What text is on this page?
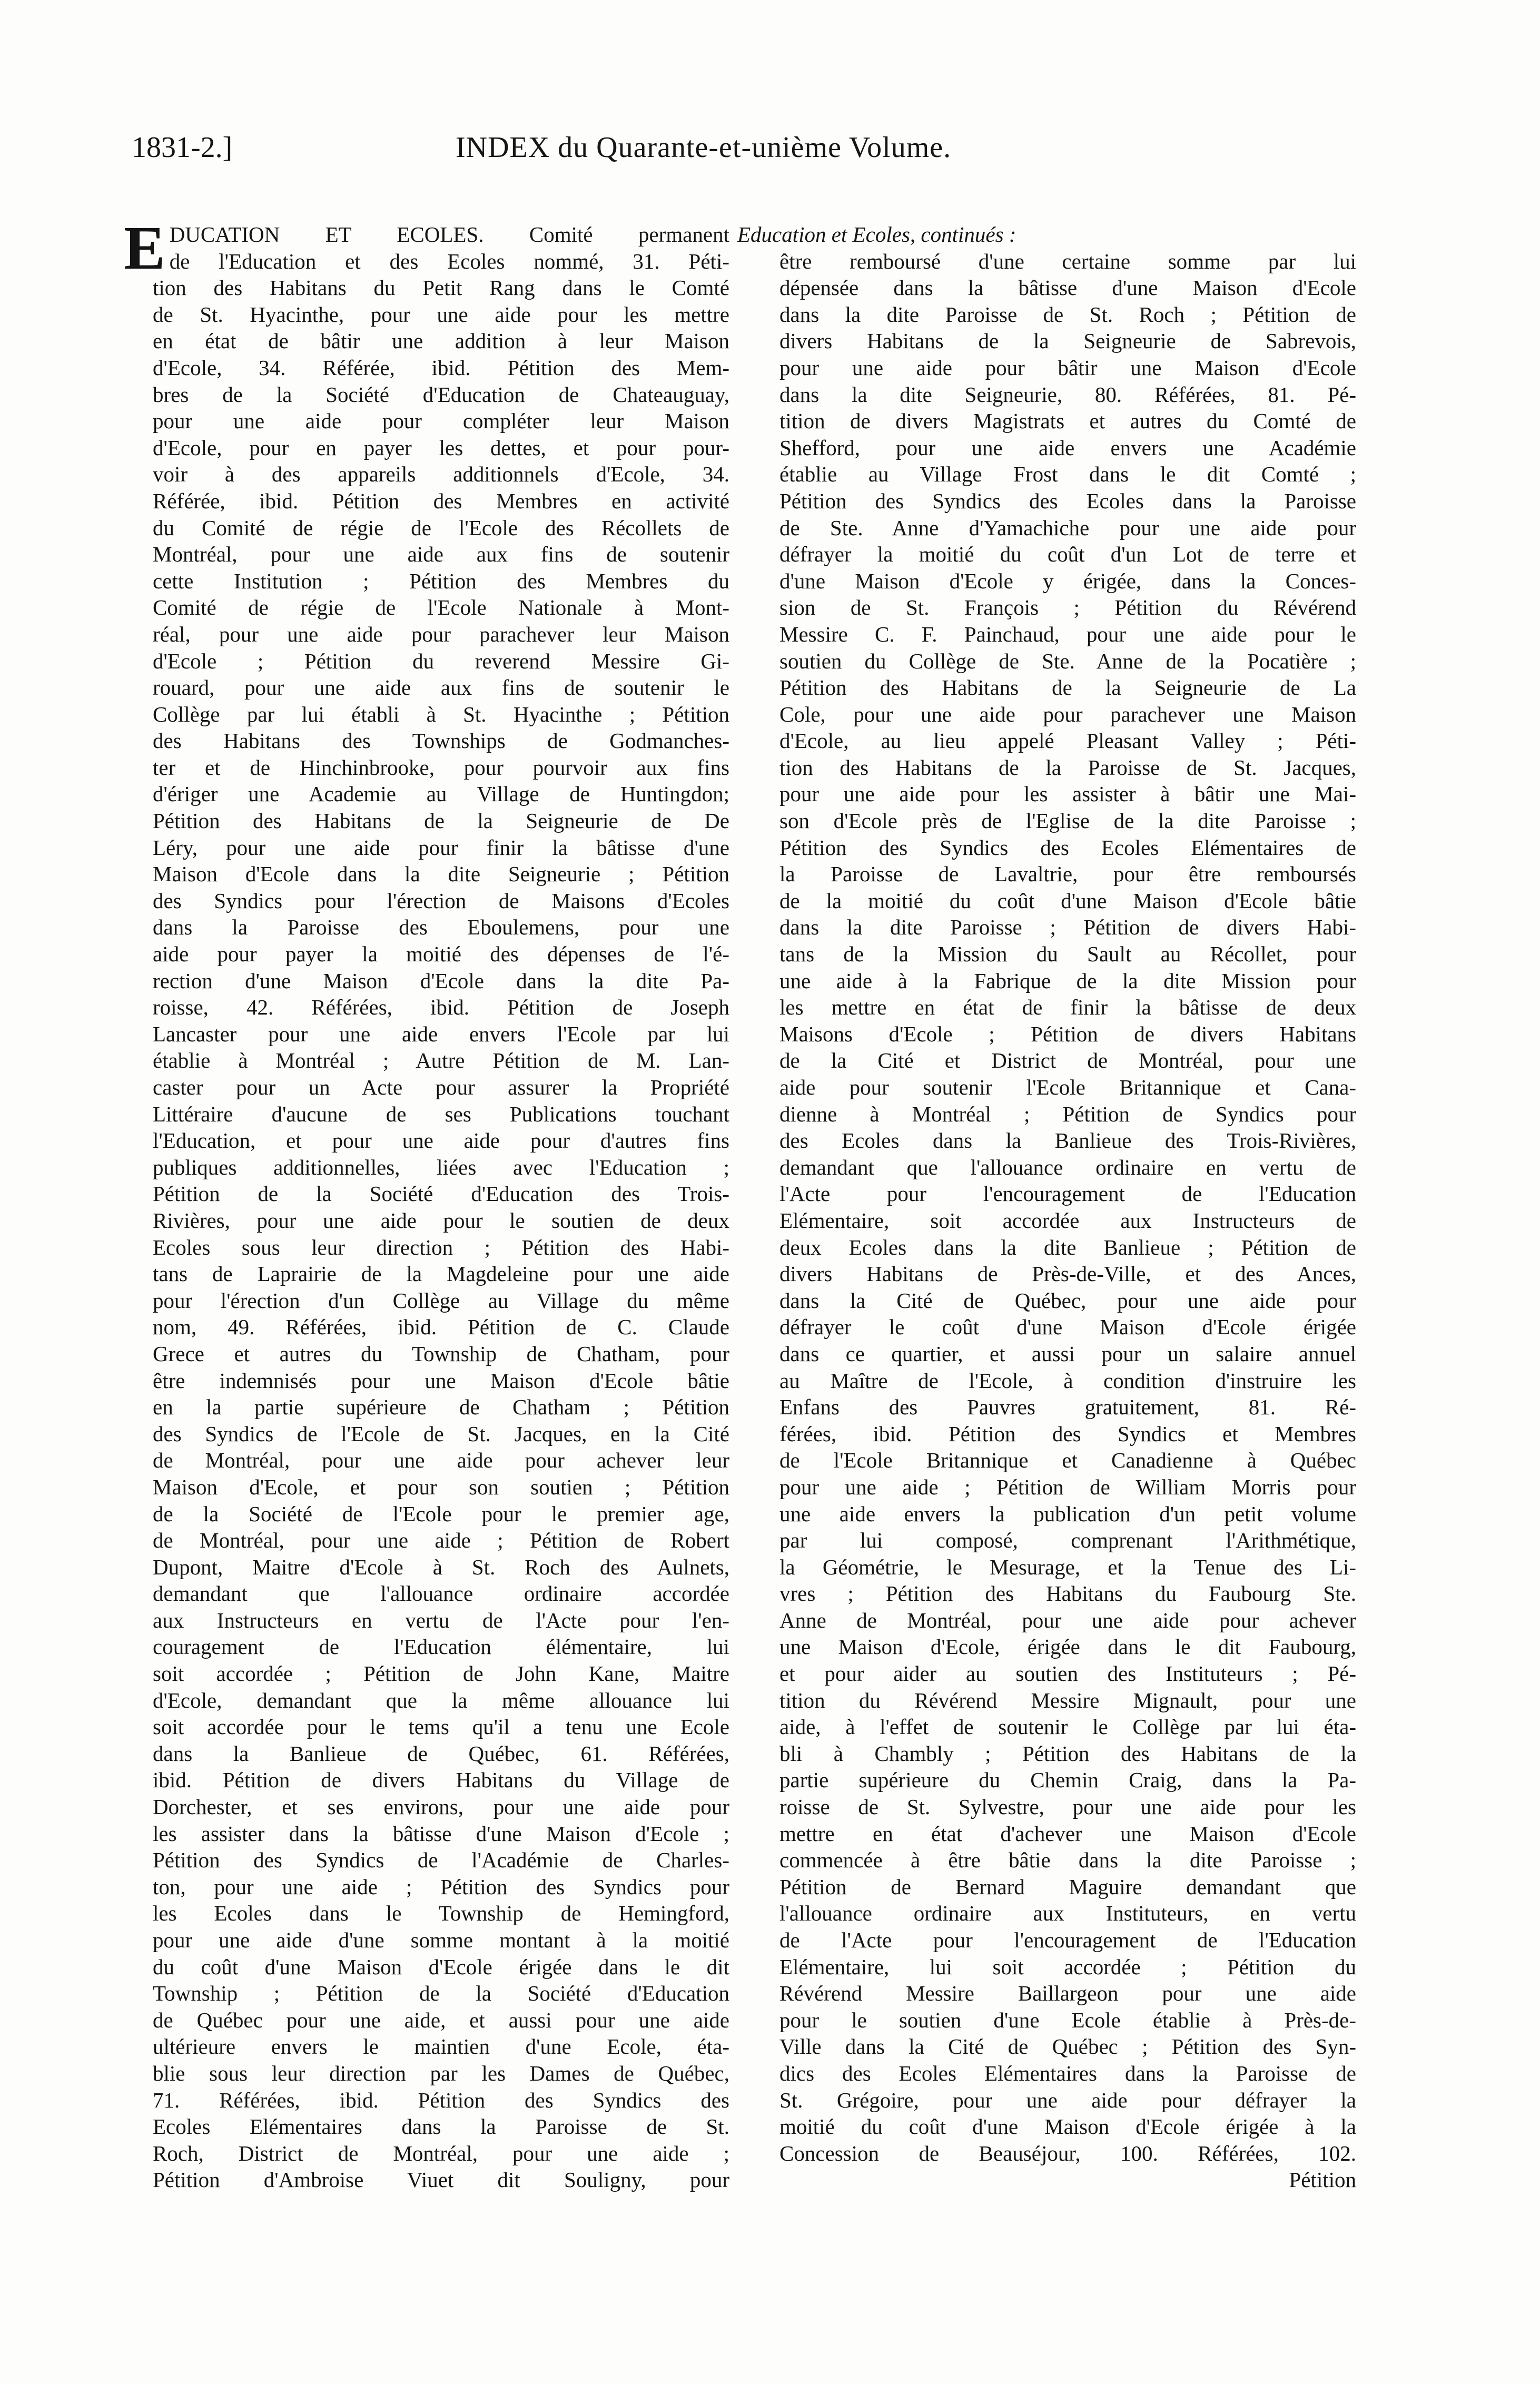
1831-2.]	INDEX du Quarante-et-unième Volume.
E DUCATION ET ECOLES. Comité permanent
de l'Education et des Ecoles nommé, 31. Péti-
tion des Habitans du Petit Rang dans le Comté
de St. Hyacinthe, pour une aide pour les mettre
en état de bâtir une addition à leur Maison
d'Ecole, 34. Référée, ibid. Pétition des Mem-
bres de la Société d'Education de Chateauguay,
pour une aide pour compléter leur Maison
d'Ecole, pour en payer les dettes, et pour pour-
voir à des appareils additionnels d'Ecole, 34.
Référée, ibid. Pétition des Membres en activité
du Comité de régie de l'Ecole des Récollets de
Montréal, pour une aide aux fins de soutenir
cette Institution ; Pétition des Membres du
Comité de régie de l'Ecole Nationale à Mont-
réal, pour une aide pour parachever leur Maison
d'Ecole ; Pétition du reverend Messire Gi-
rouard, pour une aide aux fins de soutenir le
Collège par lui établi à St. Hyacinthe ; Pétition
des Habitans des Townships de Godmanches-
ter et de Hinchinbrooke, pour pourvoir aux fins
d'ériger une Academie au Village de Huntingdon;
Pétition des Habitans de la Seigneurie de De
Léry, pour une aide pour finir la bâtisse d'une
Maison d'Ecole dans la dite Seigneurie ; Pétition
des Syndics pour l'érection de Maisons d'Ecoles
dans la Paroisse des Eboulemens, pour une
aide pour payer la moitié des dépenses de l'é-
rection d'une Maison d'Ecole dans la dite Pa-
roisse, 42. Référées, ibid. Pétition de Joseph
Lancaster pour une aide envers l'Ecole par lui
établie à Montréal ; Autre Pétition de M. Lan-
caster pour un Acte pour assurer la Propriété
Littéraire d'aucune de ses Publications touchant
l'Education, et pour une aide pour d'autres fins
publiques additionnelles, liées avec l'Education ;
Pétition de la Société d'Education des Trois-
Rivières, pour une aide pour le soutien de deux
Ecoles sous leur direction ; Pétition des Habi-
tans de Laprairie de la Magdeleine pour une aide
pour l'érection d'un Collège au Village du même
nom, 49. Référées, ibid. Pétition de C. Claude
Grece et autres du Township de Chatham, pour
être indemnisés pour une Maison d'Ecole bâtie
en la partie supérieure de Chatham ; Pétition
des Syndics de l'Ecole de St. Jacques, en la Cité
de Montréal, pour une aide pour achever leur
Maison d'Ecole, et pour son soutien ; Pétition
de la Société de l'Ecole pour le premier age,
de Montréal, pour une aide ; Pétition de Robert
Dupont, Maitre d'Ecole à St. Roch des Aulnets,
demandant que l'allouance ordinaire accordée
aux Instructeurs en vertu de l'Acte pour l'en-
couragement de l'Education élémentaire, lui
soit accordée ; Pétition de John Kane, Maitre
d'Ecole, demandant que la même allouance lui
soit accordée pour le tems qu'il a tenu une Ecole
dans la Banlieue de Québec, 61. Référées,
ibid. Pétition de divers Habitans du Village de
Dorchester, et ses environs, pour une aide pour
les assister dans la bâtisse d'une Maison d'Ecole ;
Pétition des Syndics de l'Académie de Charles-
ton, pour une aide ; Pétition des Syndics pour
les Ecoles dans le Township de Hemingford,
pour une aide d'une somme montant à la moitié
du coût d'une Maison d'Ecole érigée dans le dit
Township ; Pétition de la Société d'Education
de Québec pour une aide, et aussi pour une aide
ultérieure envers le maintien d'une Ecole, éta-
blie sous leur direction par les Dames de Québec,
71. Référées, ibid. Pétition des Syndics des
Ecoles Elémentaires dans la Paroisse de St.
Roch, District de Montréal, pour une aide ;
Pétition d'Ambroise Viuet dit Souligny, pour
Education et Ecoles, continués :
être remboursé d'une certaine somme par lui
dépensée dans la bâtisse d'une Maison d'Ecole
dans la dite Paroisse de St. Roch ; Pétition de
divers Habitans de la Seigneurie de Sabrevois,
pour une aide pour bâtir une Maison d'Ecole
dans la dite Seigneurie, 80. Référées, 81. Pé-
tition de divers Magistrats et autres du Comté de
Shefford, pour une aide envers une Académie
établie au Village Frost dans le dit Comté ;
Pétition des Syndics des Ecoles dans la Paroisse
de Ste. Anne d'Yamachiche pour une aide pour
défrayer la moitié du coût d'un Lot de terre et
d'une Maison d'Ecole y érigée, dans la Conces-
sion de St. François ; Pétition du Révérend
Messire C. F. Painchaud, pour une aide pour le
soutien du Collège de Ste. Anne de la Pocatière ;
Pétition des Habitans de la Seigneurie de La
Cole, pour une aide pour parachever une Maison
d'Ecole, au lieu appelé Pleasant Valley ; Péti-
tion des Habitans de la Paroisse de St. Jacques,
pour une aide pour les assister à bâtir une Mai-
son d'Ecole près de l'Eglise de la dite Paroisse ;
Pétition des Syndics des Ecoles Elémentaires de
la Paroisse de Lavaltrie, pour être remboursés
de la moitié du coût d'une Maison d'Ecole bâtie
dans la dite Paroisse ; Pétition de divers Habi-
tans de la Mission du Sault au Récollet, pour
une aide à la Fabrique de la dite Mission pour
les mettre en état de finir la bâtisse de deux
Maisons d'Ecole ; Pétition de divers Habitans
de la Cité et District de Montréal, pour une
aide pour soutenir l'Ecole Britannique et Cana-
dienne à Montréal ; Pétition de Syndics pour
des Ecoles dans la Banlieue des Trois-Rivières,
demandant que l'allouance ordinaire en vertu de
l'Acte pour l'encouragement de l'Education
Elémentaire, soit accordée aux Instructeurs de
deux Ecoles dans la dite Banlieue ; Pétition de
divers Habitans de Près-de-Ville, et des Ances,
dans la Cité de Québec, pour une aide pour
défrayer le coût d'une Maison d'Ecole érigée
dans ce quartier, et aussi pour un salaire annuel
au Maître de l'Ecole, à condition d'instruire les
Enfans des Pauvres gratuitement, 81. Ré-
férées, ibid. Pétition des Syndics et Membres
de l'Ecole Britannique et Canadienne à Québec
pour une aide ; Pétition de William Morris pour
une aide envers la publication d'un petit volume
par lui composé, comprenant l'Arithmétique,
la Géométrie, le Mesurage, et la Tenue des Li-
vres ; Pétition des Habitans du Faubourg Ste.
Anne de Montréal, pour une aide pour achever
une Maison d'Ecole, érigée dans le dit Faubourg,
et pour aider au soutien des Instituteurs ; Pé-
tition du Révérend Messire Mignault, pour une
aide, à l'effet de soutenir le Collège par lui éta-
bli à Chambly ; Pétition des Habitans de la
partie supérieure du Chemin Craig, dans la Pa-
roisse de St. Sylvestre, pour une aide pour les
mettre en état d'achever une Maison d'Ecole
commencée à être bâtie dans la dite Paroisse ;
Pétition de Bernard Maguire demandant que
l'allouance ordinaire aux Instituteurs, en vertu
de l'Acte pour l'encouragement de l'Education
Elémentaire, lui soit accordée ; Pétition du
Révérend Messire Baillargeon pour une aide
pour le soutien d'une Ecole établie à Près-de-
Ville dans la Cité de Québec ; Pétition des Syn-
dics des Ecoles Elémentaires dans la Paroisse de
St. Grégoire, pour une aide pour défrayer la
moitié du coût d'une Maison d'Ecole érigée à la
Concession de Beauséjour, 100. Référées, 102.
Pétition
